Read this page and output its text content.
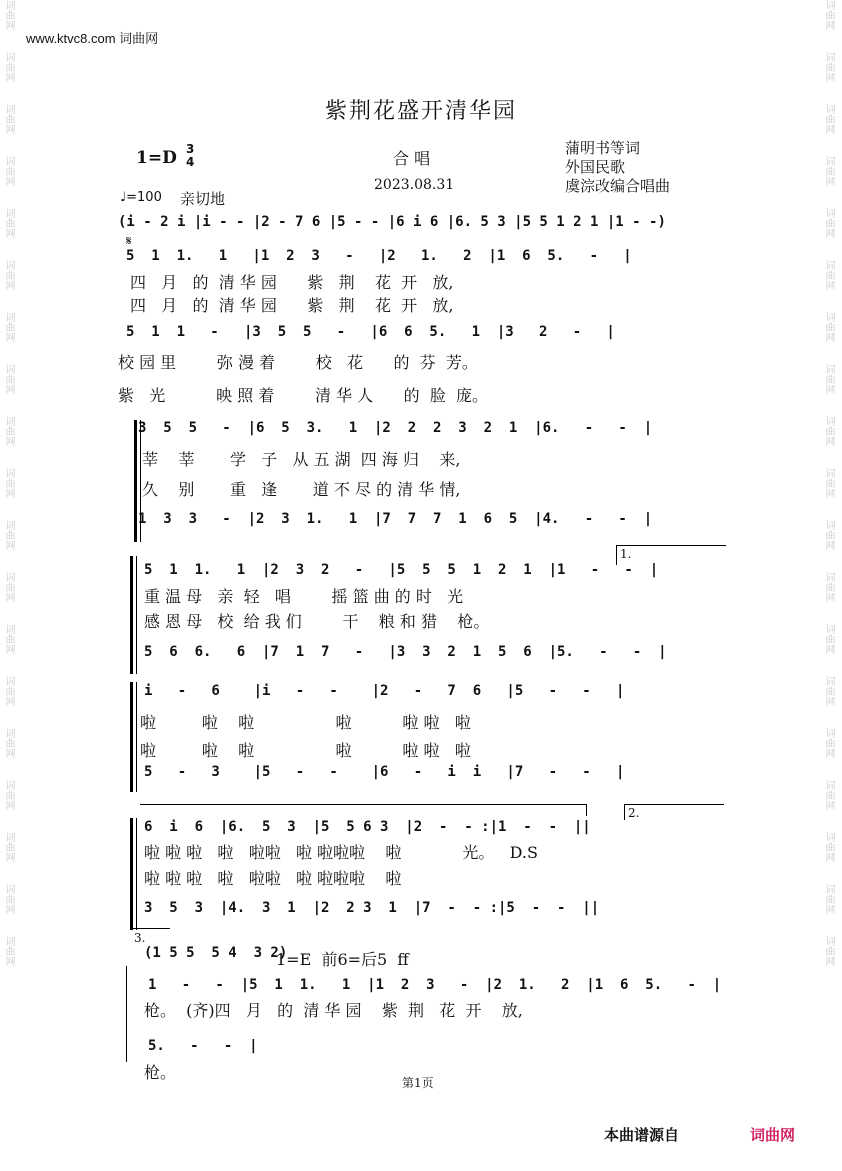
词曲网
词曲网
词曲网
词曲网
词曲网
词曲网
词曲网
词曲网
词曲网
词曲网
词曲网
词曲网
词曲网
词曲网
词曲网
词曲网
词曲网
词曲网
词曲网
词曲网
词曲网
词曲网
词曲网
词曲网
词曲网
词曲网
词曲网
词曲网
词曲网
词曲网
词曲网
词曲网
词曲网
词曲网
词曲网
词曲网
词曲网
词曲网
www.ktvc8.com 词曲网
紫荆花盛开清华园
1=D 3
4	合 唱
2023.08.31
蒲明书等词
外国民歌
虞淙改编合唱曲
♩=100 亲切地
𝄋
(i - 2 i |i - - |2 - 7 6 |5 - - |6 i 6 |6. 5 3 |5 5 1 2 1 |1 - -)
5  1  1.   1   |1  2  3   -   |2   1.   2  |1  6  5.   -   |
四   月   的  清 华 园      紫   荆    花  开   放,
四   月   的  清 华 园      紫   荆    花  开   放,
5  1  1   -   |3  5  5   -   |6  6  5.   1  |3   2   -   |
校 园 里        弥 漫 着        校   花      的  芬  芳。
紫   光          映 照 着        清 华 人      的  脸  庞。
3  5  5   -  |6  5  3.   1  |2  2  2  3  2  1  |6.   -   -  |
莘    莘       学   子   从 五 湖  四 海 归    来,
久    别       重   逢       道 不 尽 的 清 华 情,
1  3  3   -  |2  3  1.   1  |7  7  7  1  6  5  |4.   -   -  |
5  1  1.   1  |2  3  2   -   |5  5  5  1  2  1  |1   -   -  |
重 温 母   亲  轻   唱        摇 篮 曲 的 时   光
感 恩 母   校  给 我 们        干    粮 和 猎    枪。
5  6  6.   6  |7  1  7   -   |3  3  2  1  5  6  |5.   -   -  |
i   -   6    |i   -   -    |2   -   7  6   |5   -   -   |
啦         啦    啦                啦          啦 啦   啦
啦         啦    啦                啦          啦 啦   啦
5   -   3    |5   -   -    |6   -   i  i   |7   -   -   |
6  i  6  |6.  5  3  |5  5 6 3  |2  -  - :|1  -  -  ||
啦 啦 啦   啦   啦啦   啦 啦啦啦    啦            光。   D.S
啦 啦 啦   啦   啦啦   啦 啦啦啦    啦
3  5  3  |4.  3  1  |2  2 3  1  |7  -  - :|5  -  -  ||
(1 5 5  5 4  3 2)
1=E  前6=后5  ff
1   -   -  |5  1  1.   1  |1  2  3   -  |2  1.   2  |1  6  5.   -  |
枪。  (齐)四   月   的  清 华 园    紫  荆   花  开    放,
5.   -   -  |
枪。
1.
2.
3.
第1页
本曲谱源自	词曲网
